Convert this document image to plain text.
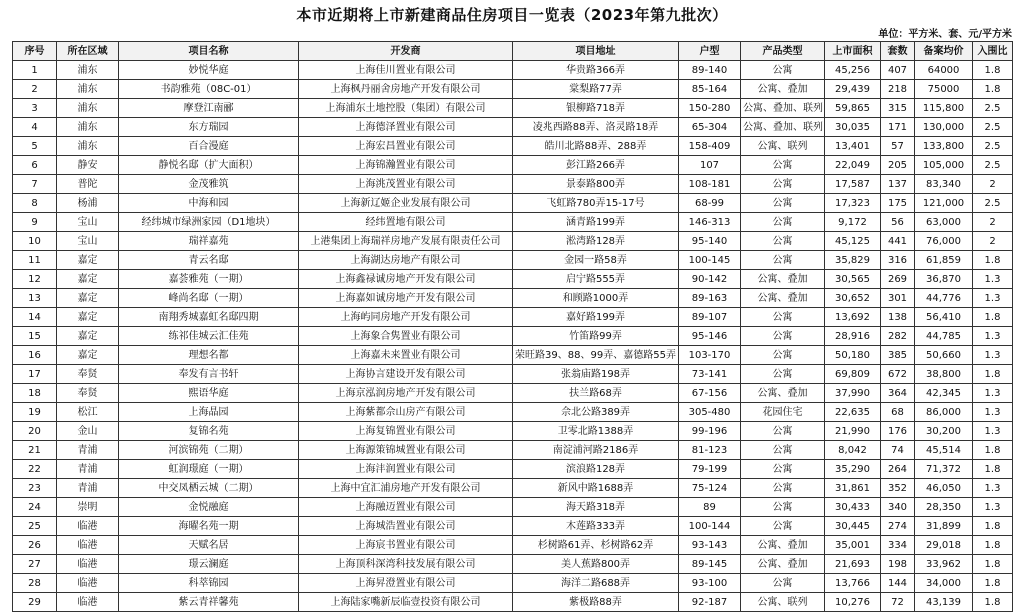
本市近期将上市新建商品住房项目一览表（2023年第九批次）
单位：平方米、套、元/平方米
序号	所在区域	项目名称	开发商	项目地址	户型	产品类型	上市面积	套数	备案均价	入围比
1	浦东	妙悦华庭	上海佳川置业有限公司	华贵路366弄	89-140	公寓	45,256	407	64000	1.8
2	浦东	书韵雅苑（08C-01）	上海枫丹丽舍房地产开发有限公司	棠梨路77弄	85-164	公寓、叠加	29,439	218	75000	1.8
3	浦东	摩登江南郦	上海浦东土地控股（集团）有限公司	银柳路718弄	150-280	公寓、叠加、联列	59,865	315	115,800	2.5
4	浦东	东方瑞园	上海德泽置业有限公司	凌兆西路88弄、洛灵路18弄	65-304	公寓、叠加、联列	30,035	171	130,000	2.5
5	浦东	百合漫庭	上海宏昌置业有限公司	皓川北路88弄、288弄	158-409	公寓、联列	13,401	57	133,800	2.5
6	静安	静悦名邸（扩大面积）	上海锦瀚置业有限公司	彭江路266弄	107	公寓	22,049	205	105,000	2.5
7	普陀	金茂雅筑	上海洮茂置业有限公司	景泰路800弄	108-181	公寓	17,587	137	83,340	2
8	杨浦	中海和园	上海新辽姬企业发展有限公司	飞虹路780弄15-17号	68-99	公寓	17,323	175	121,000	2.5
9	宝山	经纬城市绿洲家园（D1地块）	经纬置地有限公司	涵青路199弄	146-313	公寓	9,172	56	63,000	2
10	宝山	瑞祥嘉苑	上港集团上海瑞祥房地产发展有限责任公司	淞湾路128弄	95-140	公寓	45,125	441	76,000	2
11	嘉定	青云名邸	上海湖达房地产有限公司	金园一路58弄	100-145	公寓	35,829	316	61,859	1.8
12	嘉定	嘉荟雅苑（一期）	上海鑫禄诚房地产开发有限公司	启宁路555弄	90-142	公寓、叠加	30,565	269	36,870	1.3
13	嘉定	峰尚名邸（一期）	上海嘉如诚房地产开发有限公司	和顾路1000弄	89-163	公寓、叠加	30,652	301	44,776	1.3
14	嘉定	南翔秀城嘉虹名邸四期	上海屿同房地产开发有限公司	嘉好路199弄	89-107	公寓	13,692	138	56,410	1.8
15	嘉定	练祁佳城云汇佳苑	上海象合隽置业有限公司	竹笛路99弄	95-146	公寓	28,916	282	44,785	1.3
16	嘉定	理想名都	上海嘉未来置业有限公司	荣旺路39、88、99弄、嘉德路55弄	103-170	公寓	50,180	385	50,660	1.3
17	奉贤	奉发有言书轩	上海协言建设开发有限公司	张翁庙路198弄	73-141	公寓	69,809	672	38,800	1.8
18	奉贤	熙语华庭	上海京泓润房地产开发有限公司	扶兰路68弄	67-156	公寓、叠加	37,990	364	42,345	1.3
19	松江	上海晶园	上海紫都佘山房产有限公司	佘北公路389弄	305-480	花园住宅	22,635	68	86,000	1.3
20	金山	复锦名苑	上海复锦置业有限公司	卫零北路1388弄	99-196	公寓	21,990	176	30,200	1.3
21	青浦	河滨锦苑（二期）	上海源策锦城置业有限公司	南淀浦河路2186弄	81-123	公寓	8,042	74	45,514	1.8
22	青浦	虹润璟庭（一期）	上海沣润置业有限公司	滨浪路128弄	79-199	公寓	35,290	264	71,372	1.8
23	青浦	中交凤栖云城（二期）	上海中宜汇浦房地产开发有限公司	新风中路1688弄	75-124	公寓	31,861	352	46,050	1.3
24	崇明	金悦融庭	上海融迈置业有限公司	海天路318弄	89	公寓	30,433	340	28,350	1.3
25	临港	海曜名苑一期	上海城浩置业有限公司	木莲路333弄	100-144	公寓	30,445	274	31,899	1.8
26	临港	天赋名居	上海宸书置业有限公司	杉树路61弄、杉树路62弄	93-143	公寓、叠加	35,001	334	29,018	1.8
27	临港	璟云澜庭	上海顶科深湾科技发展有限公司	美人蕉路800弄	89-145	公寓、叠加	21,693	198	33,962	1.8
28	临港	科萃锦园	上海昇澄置业有限公司	海洋二路688弄	93-100	公寓	13,766	144	34,000	1.8
29	临港	紫云青祥馨苑	上海陆家嘴新辰临壹投资有限公司	紫极路88弄	92-187	公寓、联列	10,276	72	43,139	1.8
